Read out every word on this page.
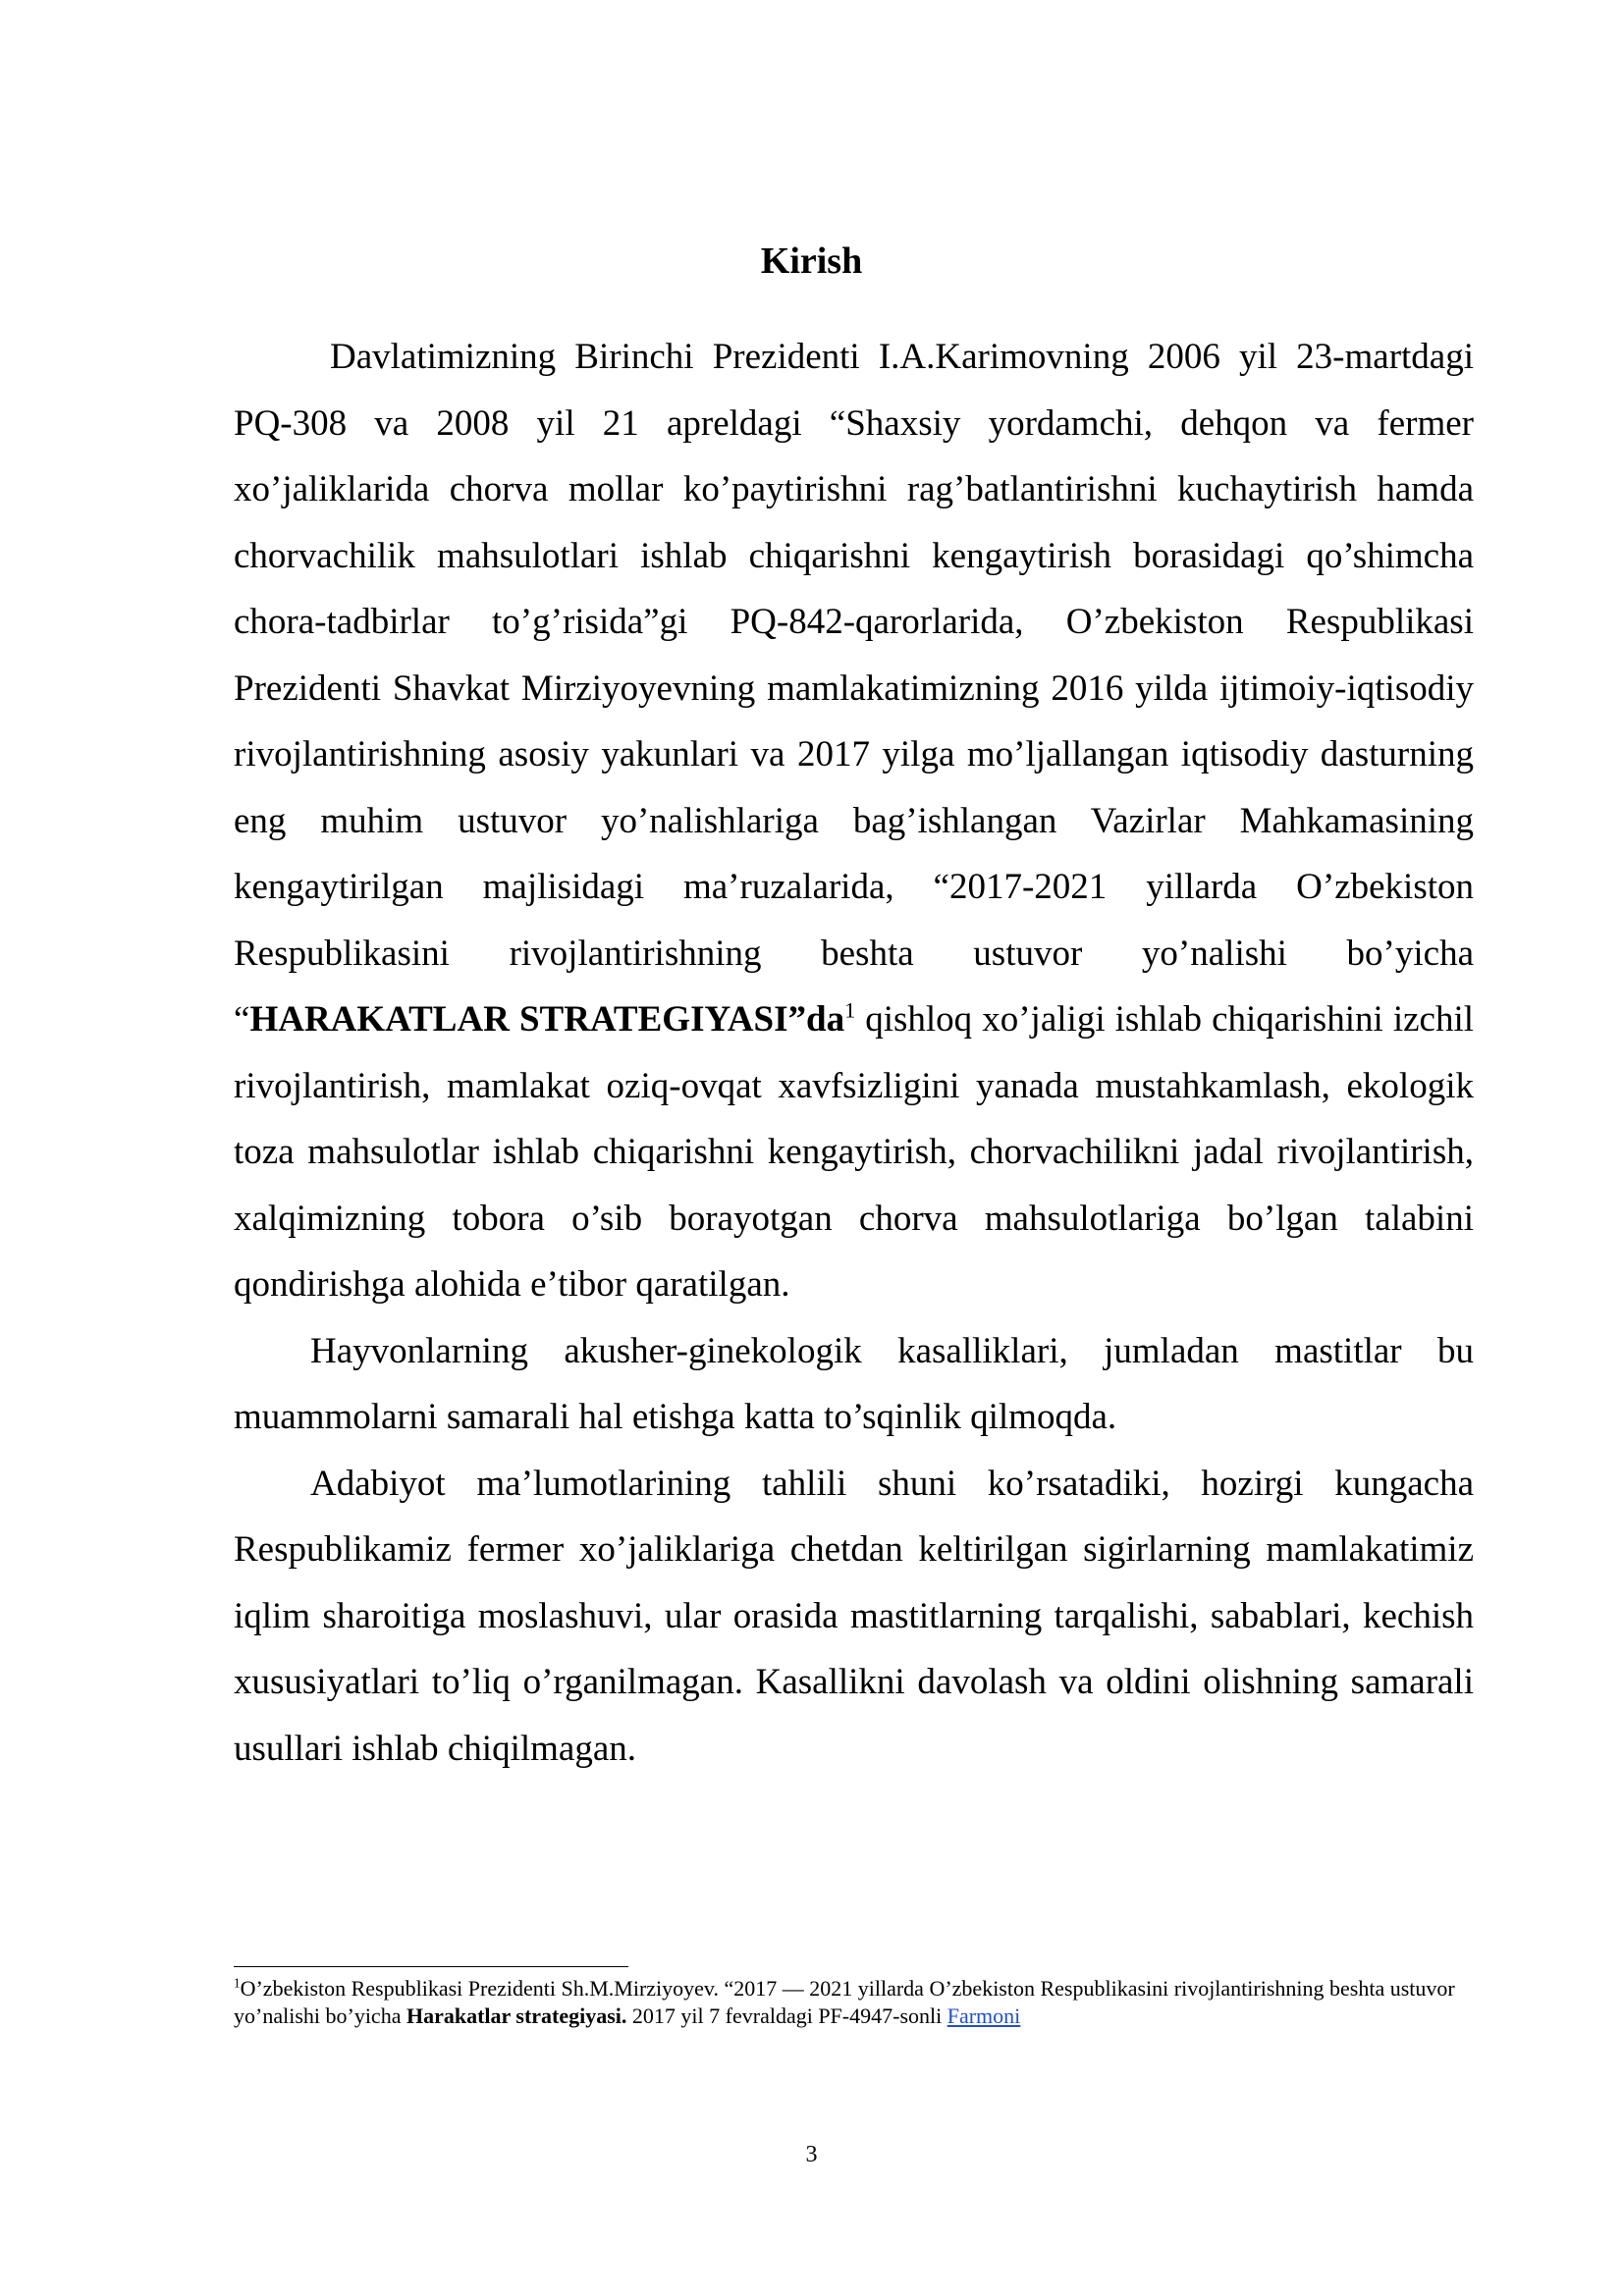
Kirish

Davlatimizning Birinchi Prezidenti I.A.Karimovning 2006 yil 23-martdagi PQ-308 va 2008 yil 21 apreldagi “Shaxsiy yordamchi, dehqon va fermer xo’jaliklarida chorva mollar ko’paytirishni rag’batlantirishni kuchaytirish hamda chorvachilik mahsulotlari ishlab chiqarishni kengaytirish borasidagi qo’shimcha chora-tadbirlar to’g’risida”gi PQ-842-qarorlarida, O’zbekiston Respublikasi Prezidenti Shavkat Mirziyoyevning mamlakatimizning 2016 yilda ijtimoiy-iqtisodiy rivojlantirishning asosiy yakunlari va 2017 yilga mo’ljallangan iqtisodiy dasturning eng muhim ustuvor yo’nalishlariga bag’ishlangan Vazirlar Mahkamasining kengaytirilgan majlisidagi ma’ruzalarida, “2017-2021 yillarda O’zbekiston Respublikasini rivojlantirishning beshta ustuvor yo’nalishi bo’yicha “HARAKATLAR $STRATEGIYASI”da^1$ qishloq xo’jaligi ishlab chiqarishini izchil rivojlantirish, mamlakat oziq-ovqat xavfsizligini yanada mustahkamlash, ekologik toza mahsulotlar ishlab chiqarishni kengaytirish, chorvachilikni jadal rivojlantirish, xalqimizning tobora o’sib borayotgan chorva mahsulotlariga bo’lgan talabini qondirishga alohida e’tibor qaratilgan.

Hayvonlarning akusher-ginekologik kasalliklari, jumladan mastitlar bu muammolarni samarali hal etishga katta to’sqinlik qilmoqda.

Adabiyot ma’lumotlarining tahlili shuni ko’rsatadiki, hozirgi kungacha Respublikamiz fermer xo’jaliklariga chetdan keltirilgan sigirlarning mamlakatimiz iqlim sharoitiga moslashuvi, ular orasida mastitlarning tarqalishi, sabablari, kechish xususiyatlari to’liq o’rganilmagan. Kasallikni davolash va oldini olishning samarali usullari ishlab chiqilmagan.

$^1$O’zbekiston Respublikasi Prezidenti Sh.M.Mirziyoyev. “2017 — 2021 yillarda O’zbekiston Respublikasini rivojlantirishning beshta ustuvor yo’nalishi bo’yicha Harakatlar strategiyasi. 2017 yil 7 fevraldagi PF-4947-sonli Farmoni
3
